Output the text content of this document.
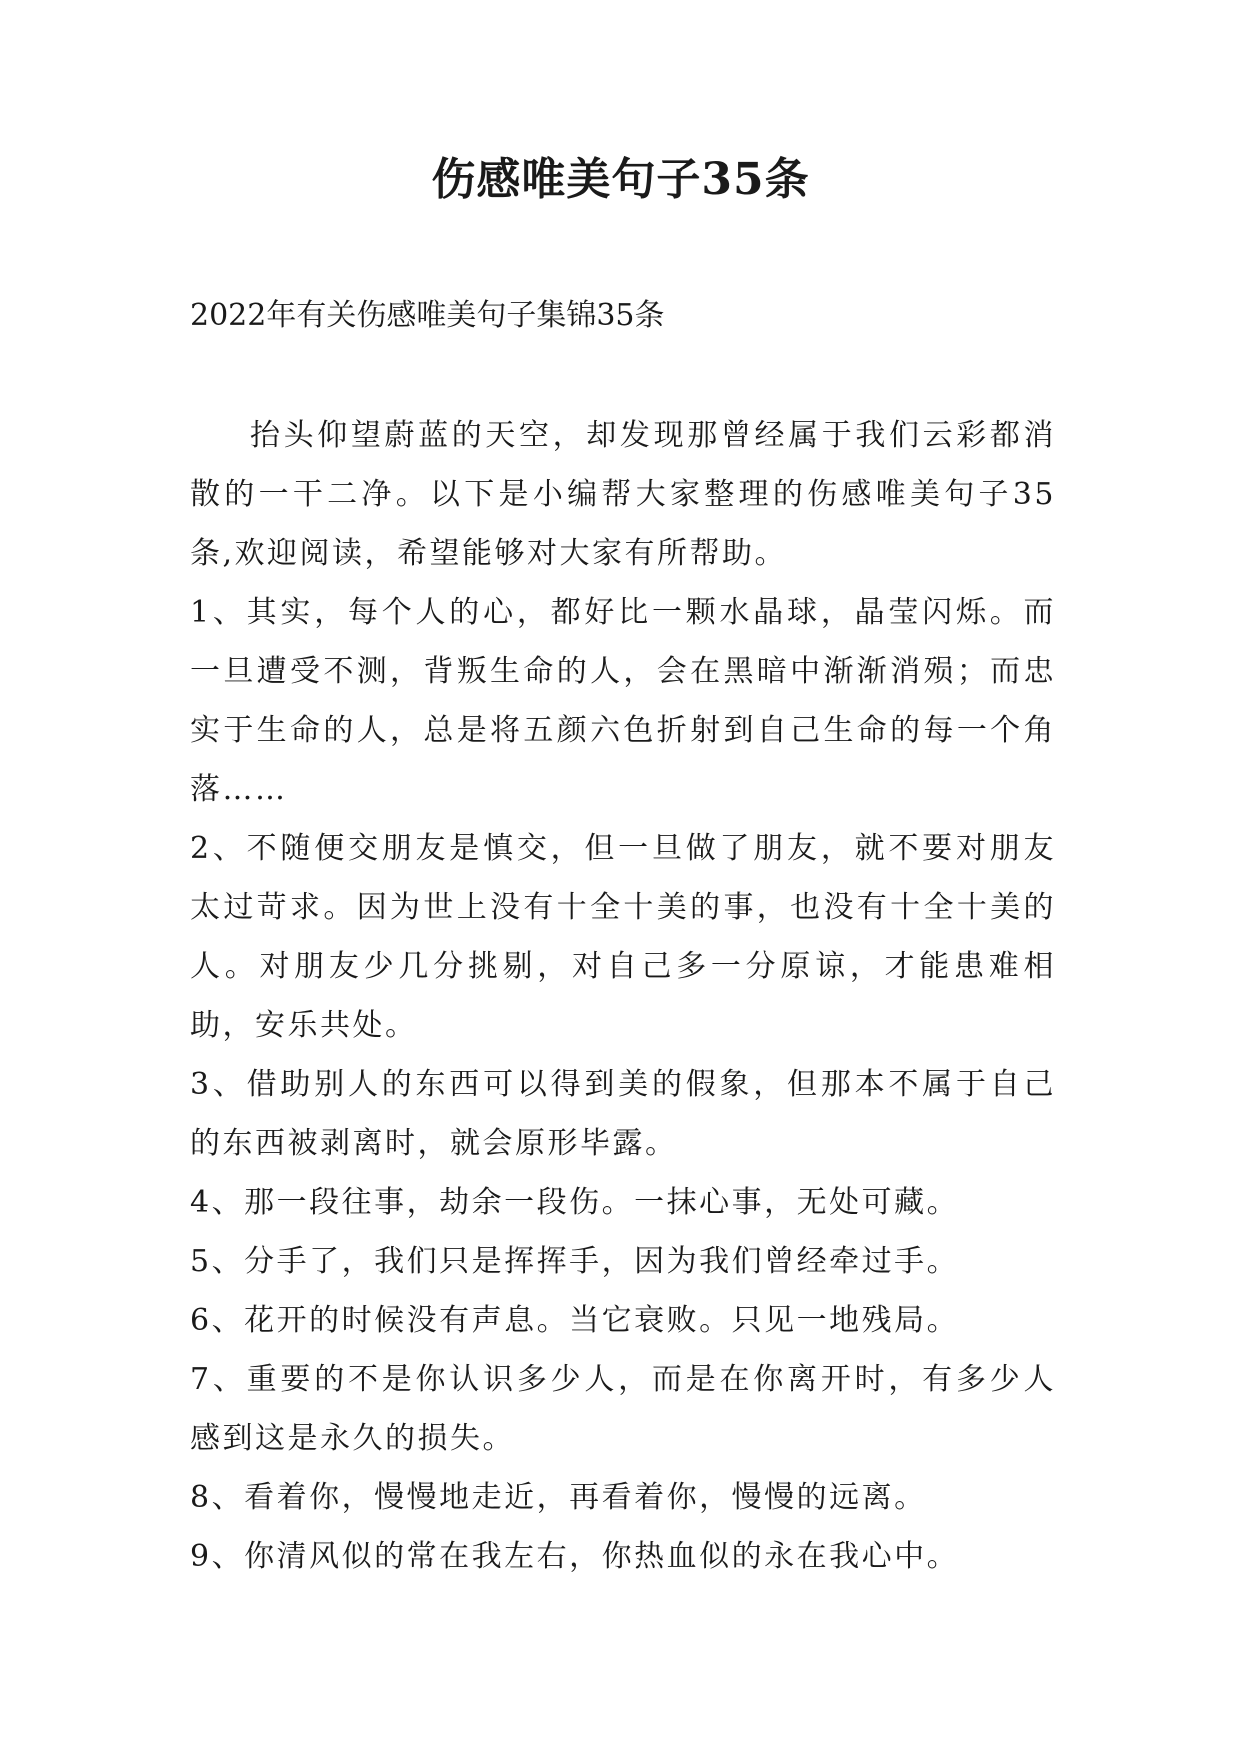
伤感唯美句子35条
2022年有关伤感唯美句子集锦35条

抬头仰望蔚蓝的天空，却发现那曾经属于我们云彩都消散的一干二净。以下是小编帮大家整理的伤感唯美句子35条,欢迎阅读，希望能够对大家有所帮助。

1、其实，每个人的心，都好比一颗水晶球，晶莹闪烁。而一旦遭受不测，背叛生命的人，会在黑暗中渐渐消殒；而忠实于生命的人，总是将五颜六色折射到自己生命的每一个角落……

2、不随便交朋友是慎交，但一旦做了朋友，就不要对朋友太过苛求。因为世上没有十全十美的事，也没有十全十美的人。对朋友少几分挑剔，对自己多一分原谅，才能患难相助，安乐共处。

3、借助别人的东西可以得到美的假象，但那本不属于自己的东西被剥离时，就会原形毕露。

4、那一段往事，劫余一段伤。一抹心事，无处可藏。

5、分手了，我们只是挥挥手，因为我们曾经牵过手。

6、花开的时候没有声息。当它衰败。只见一地残局。

7、重要的不是你认识多少人，而是在你离开时，有多少人感到这是永久的损失。

8、看着你，慢慢地走近，再看着你，慢慢的远离。

9、你清风似的常在我左右，你热血似的永在我心中。
